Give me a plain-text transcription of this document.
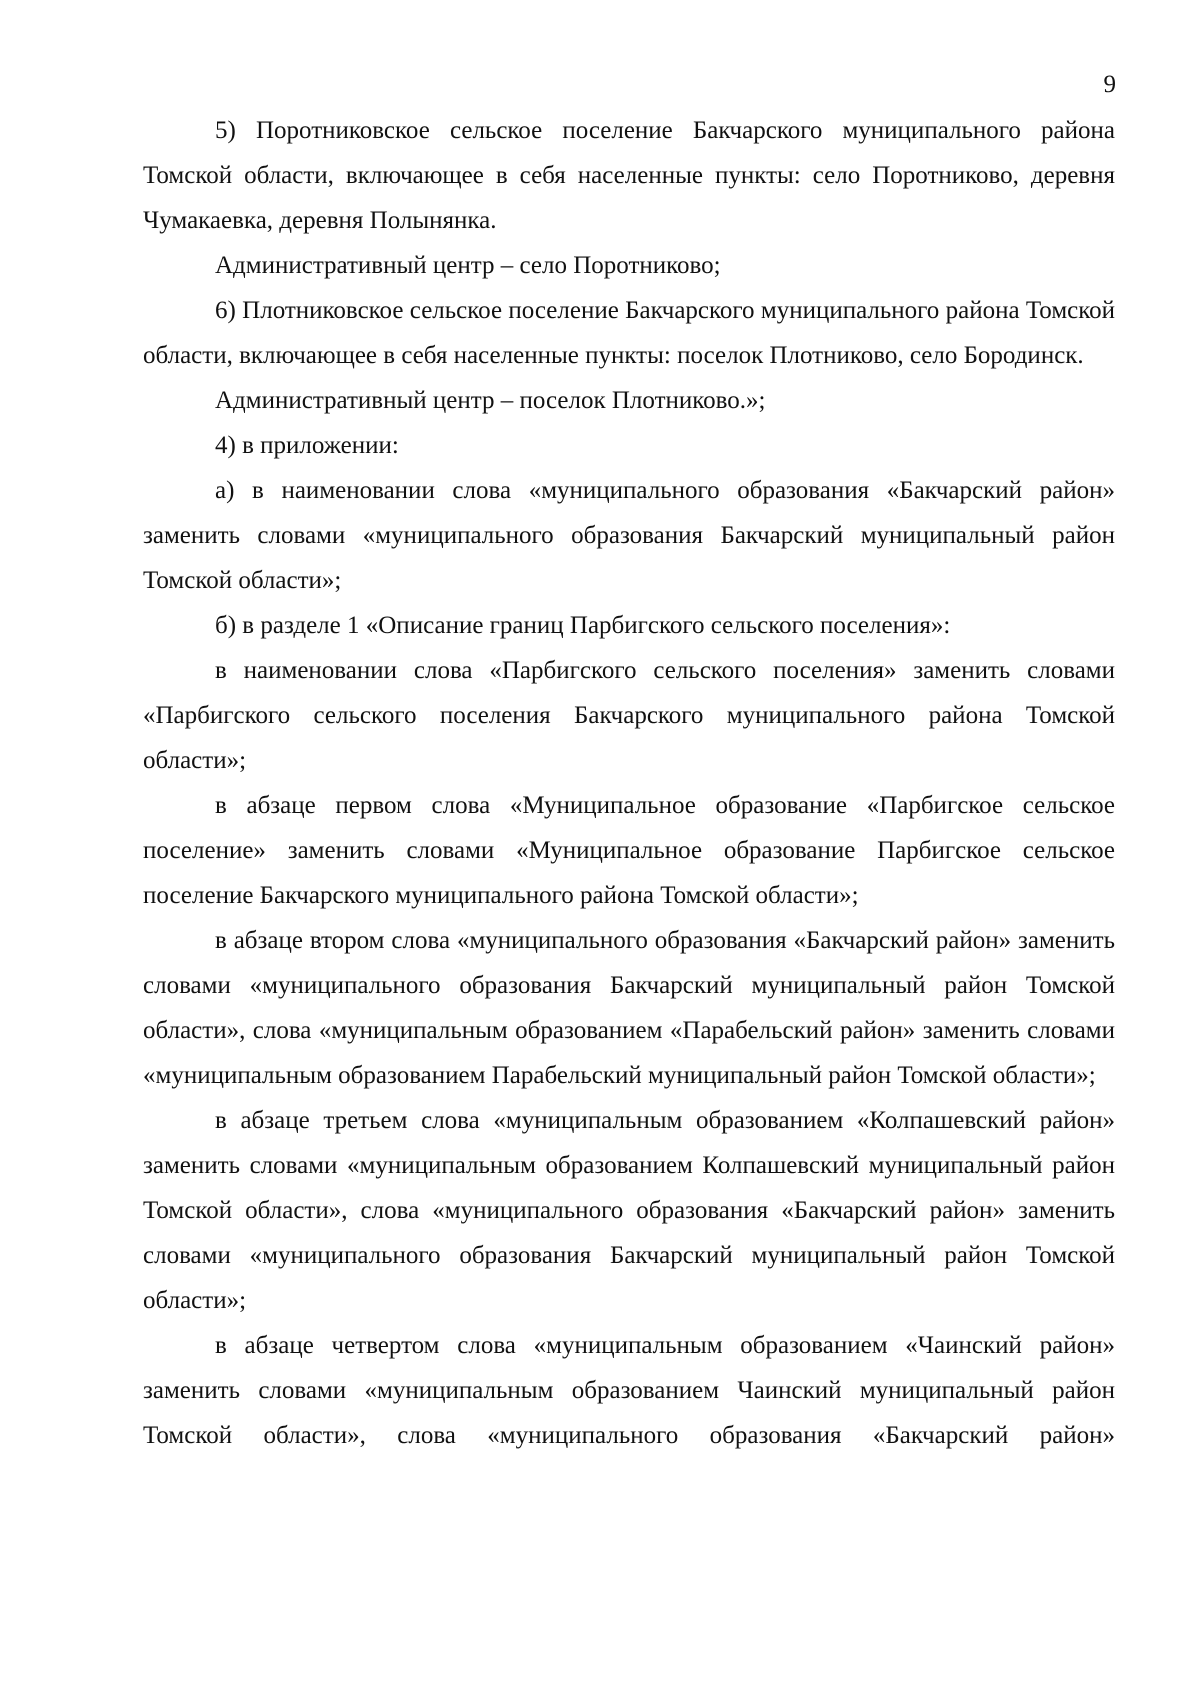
9

5) Поротниковское сельское поселение Бакчарского муниципального района Томской области, включающее в себя населенные пункты: село Поротниково, деревня Чумакаевка, деревня Полынянка.

Административный центр – село Поротниково;

6) Плотниковское сельское поселение Бакчарского муниципального района Томской области, включающее в себя населенные пункты: поселок Плотниково, село Бородинск.

Административный центр – поселок Плотниково.»;

4) в приложении:

а) в наименовании слова «муниципального образования «Бакчарский район» заменить словами «муниципального образования Бакчарский муниципальный район Томской области»;

б) в разделе 1 «Описание границ Парбигского сельского поселения»:

в наименовании слова «Парбигского сельского поселения» заменить словами «Парбигского сельского поселения Бакчарского муниципального района Томской области»;

в абзаце первом слова «Муниципальное образование «Парбигское сельское поселение» заменить словами «Муниципальное образование Парбигское сельское поселение Бакчарского муниципального района Томской области»;

в абзаце втором слова «муниципального образования «Бакчарский район» заменить словами «муниципального образования Бакчарский муниципальный район Томской области», слова «муниципальным образованием «Парабельский район» заменить словами «муниципальным образованием Парабельский муниципальный район Томской области»;

в абзаце третьем слова «муниципальным образованием «Колпашевский район» заменить словами «муниципальным образованием Колпашевский муниципальный район Томской области», слова «муниципального образования «Бакчарский район» заменить словами «муниципального образования Бакчарский муниципальный район Томской области»;

в абзаце четвертом слова «муниципальным образованием «Чаинский район» заменить словами «муниципальным образованием Чаинский муниципальный район Томской области», слова «муниципального образования «Бакчарский район»
